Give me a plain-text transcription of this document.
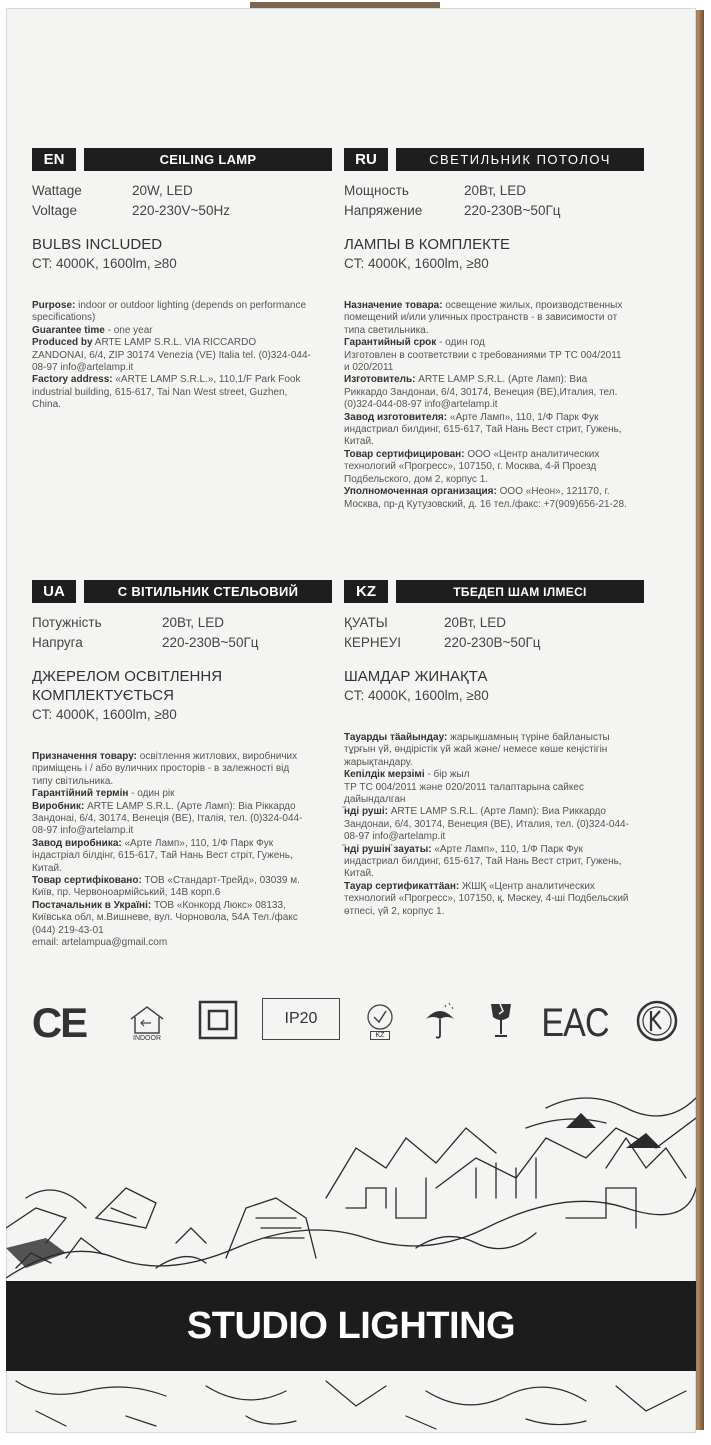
EN	CEILING LAMP
Wattage	20W, LED
Voltage	220-230V~50Hz
BULBS INCLUDED
CT: 4000K, 1600lm, ≥80
Purpose: indoor or outdoor lighting (depends on performance specifications)
Guarantee time - one year
Produced by ARTE LAMP S.R.L. VIA RICCARDO ZANDONAI, 6/4, ZIP 30174 Venezia (VE) Italia tel. (0)324-044-08-97 info@artelamp.it
Factory address: «ARTE LAMP S.R.L.», 110,1/F Park Fook industrial building, 615-617, Tai Nan West street, Guzhen, China.
RU	СВЕТИЛЬНИК ПОТОЛОЧ
Мощность	20Вт, LED
Напряжение	220-230В~50Гц
ЛАМПЫ В КОМПЛЕКТЕ
CT: 4000K, 1600lm, ≥80
Назначение товара: освещение жилых, производственных помещений и/или уличных пространств - в зависимости от типа светильника.
Гарантийный срок - один год
Изготовлен в соответствии с требованиями ТР ТС 004/2011 и 020/2011
Изготовитель: ARTE LAMP S.R.L. (Арте Ламп): Виа Риккардо Зандонаи, 6/4, 30174, Венеция (ВЕ),Италия, тел. (0)324-044-08-97 info@artelamp.it
Завод изготовителя: «Арте Ламп», 110, 1/Ф Парк Фук индастриал билдинг, 615-617, Тай Нань Вест стрит, Гужень, Китай.
Товар сертифицирован: ООО «Центр аналитических технологий «Прогресс», 107150, г. Москва, 4-й Проезд Подбельского, дом 2, корпус 1.
Уполномоченная организация: ООО «Неон», 121170, г. Москва, пр-д Кутузовский, д. 16 тел./факс: +7(909)656-21-28.
UA	С ВІТИЛЬНИК СТЕЛЬОВИЙ
Потужність	20Вт, LED
Напруга	220-230В~50Гц
ДЖЕРЕЛОМ ОСВІТЛЕННЯ КОМПЛЕКТУЄТЬСЯ
CT: 4000K, 1600lm, ≥80
Призначення товару: освітлення житлових, виробничих приміщень і / або вуличних просторів - в залежності від типу світильника.
Гарантійний термін - один рік
Виробник: ARTE LAMP S.R.L. (Арте Ламп): Віа Ріккардо Зандонаі, 6/4, 30174, Венеція (ВЕ), Італія, тел. (0)324-044-08-97 info@artelamp.it
Завод виробника: «Арте Ламп», 110, 1/Ф Парк Фук індастріал білдінг, 615-617, Тай Нань Вест стріт, Гужень, Китай.
Товар сертифіковано: ТОВ «Стандарт-Трейд», 03039 м. Київ, пр. Червоноармійський, 14В корп.6
Постачальник в Україні: ТОВ «Конкорд Люкс» 08133, Київська обл, м.Вишневе, вул. Чорновола, 54А Тел./факс (044) 219-43-01
email: artelampua@gmail.com
KZ	Т̈БЕДЕП ШАМ ІЛМЕСІ
ҚУАТЫ	20Вт, LED
КЕРНЕУІ	220-230В~50Гц
ШАМДАР ЖИНАҚТА
CT: 4000K, 1600lm, ≥80
Тауарды тӓайындау: жарықшамның түріне байланысты тұрғын үй, өндірістік үй жай және/ немесе көше кеңістігін жарықтандару.
Кепілдік мерзімі - бір жыл
ТР ТС 004/2011 және 020/2011 талаптарына сайкес дайындалган
̈нді руші: ARTE LAMP S.R.L. (Арте Ламп): Виа Риккардо Зандонаи, 6/4, 30174, Венеция (ВЕ), Италия, тел. (0)324-044-08-97 info@artelamp.it
̈нді рушін̈ зауаты: «Арте Ламп», 110, 1/Ф Парк Фук индастриал билдинг, 615-617, Тай Нань Вест стрит, Гужень, Китай.
Тауар сертификаттӓан: ЖШҚ «Центр аналитических технологий «Прогресс», 107150, қ. Мәскеу, 4-ші Подбельский өтпесі, үй 2, корпус 1.
CE	INDOOR
IP20
KZ	EAC
STUDIO LIGHTING
